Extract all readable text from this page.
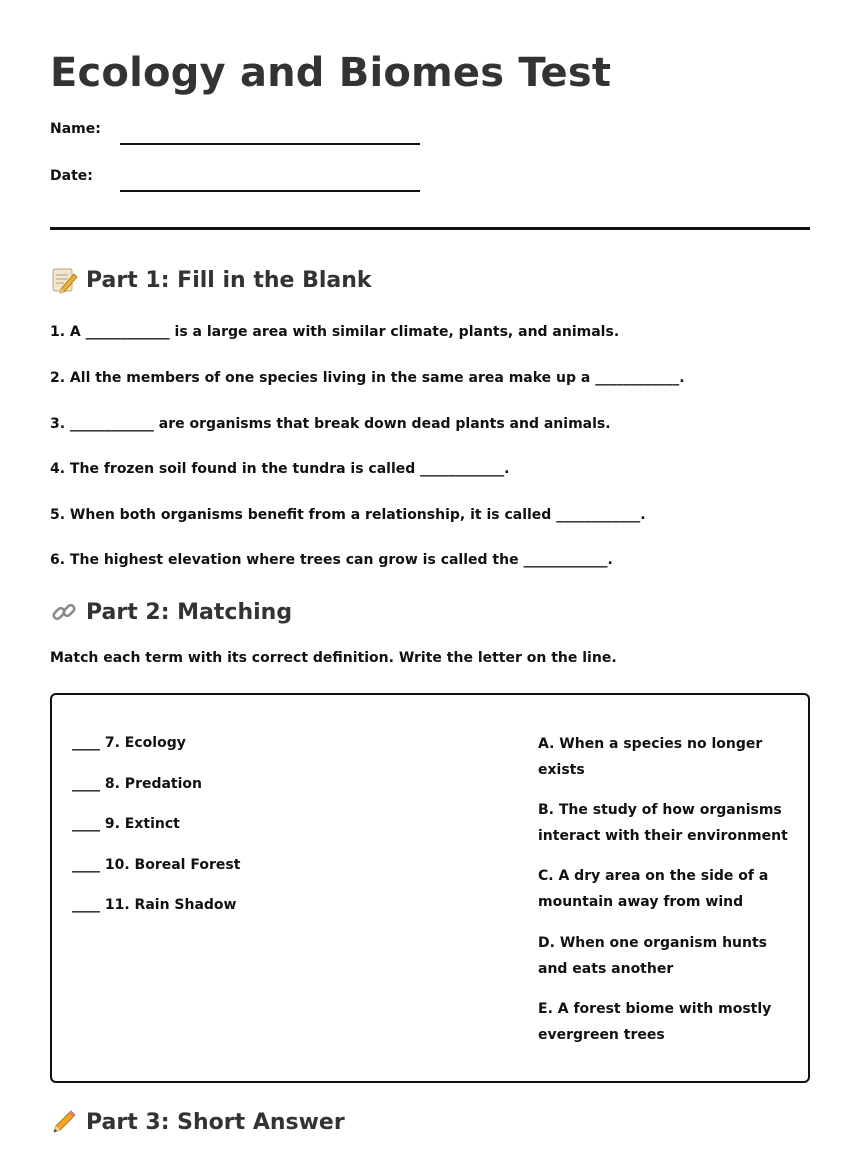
Ecology and Biomes Test
Name:
Date:
Part 1: Fill in the Blank
1. A ____________ is a large area with similar climate, plants, and animals.
2. All the members of one species living in the same area make up a ____________.
3. ____________ are organisms that break down dead plants and animals.
4. The frozen soil found in the tundra is called ____________.
5. When both organisms benefit from a relationship, it is called ____________.
6. The highest elevation where trees can grow is called the ____________.
Part 2: Matching
Match each term with its correct definition. Write the letter on the line.
____ 7. Ecology
____ 8. Predation
____ 9. Extinct
____ 10. Boreal Forest
____ 11. Rain Shadow
A. When a species no longer exists
B. The study of how organisms interact with their environment
C. A dry area on the side of a mountain away from wind
D. When one organism hunts and eats another
E. A forest biome with mostly evergreen trees
Part 3: Short Answer
